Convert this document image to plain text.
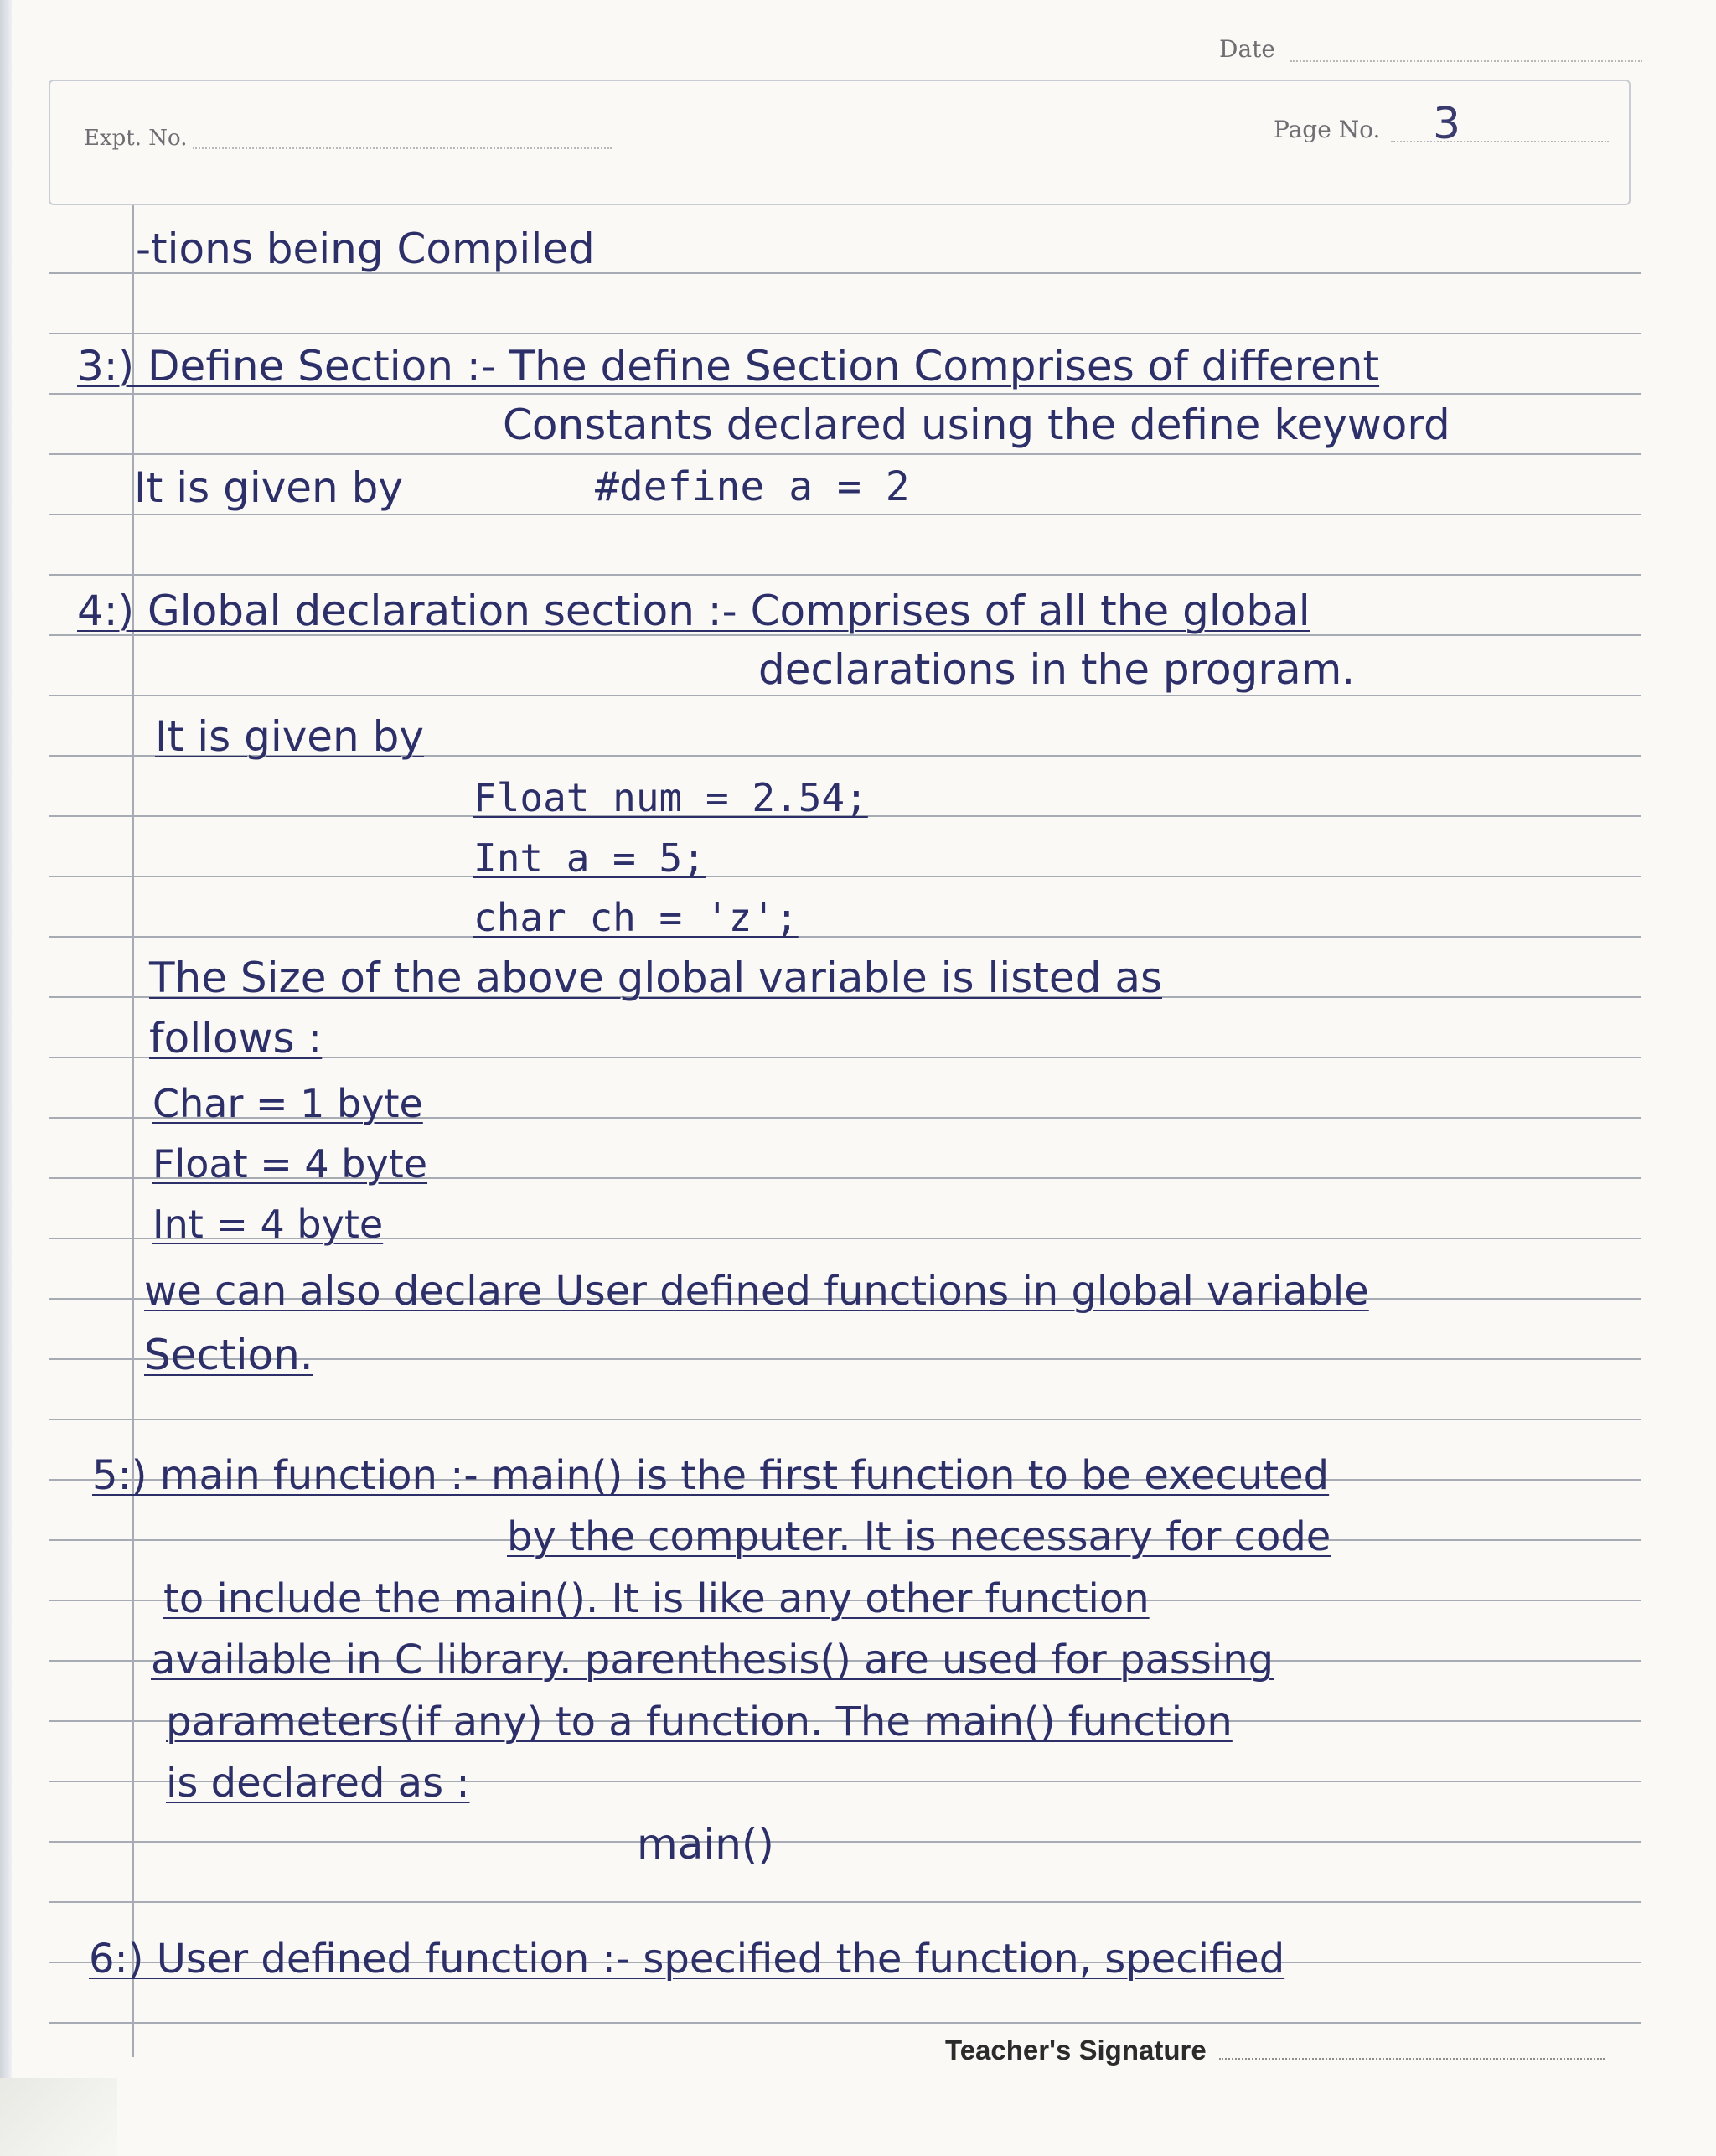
Date
Expt. No.	Page No. 3
-tions being Compiled
3:) Define Section :- The define Section Comprises of different
Constants declared using the define keyword
It is given by	#define a = 2
4:) Global declaration section :- Comprises of all the global
declarations in the program.
It is given by
Float num = 2.54;
Int a = 5;
char ch = 'z';
The Size of the above global variable is listed as
follows :
Char = 1 byte
Float = 4 byte
Int = 4 byte
we can also declare User defined functions in global variable
Section.
5:) main function :- main() is the first function to be executed
by the computer. It is necessary for code
to include the main(). It is like any other function
available in C library. parenthesis() are used for passing
parameters(if any) to a function. The main() function
is declared as :
main()
6:) User defined function :- specified the function, specified
Teacher's Signature
